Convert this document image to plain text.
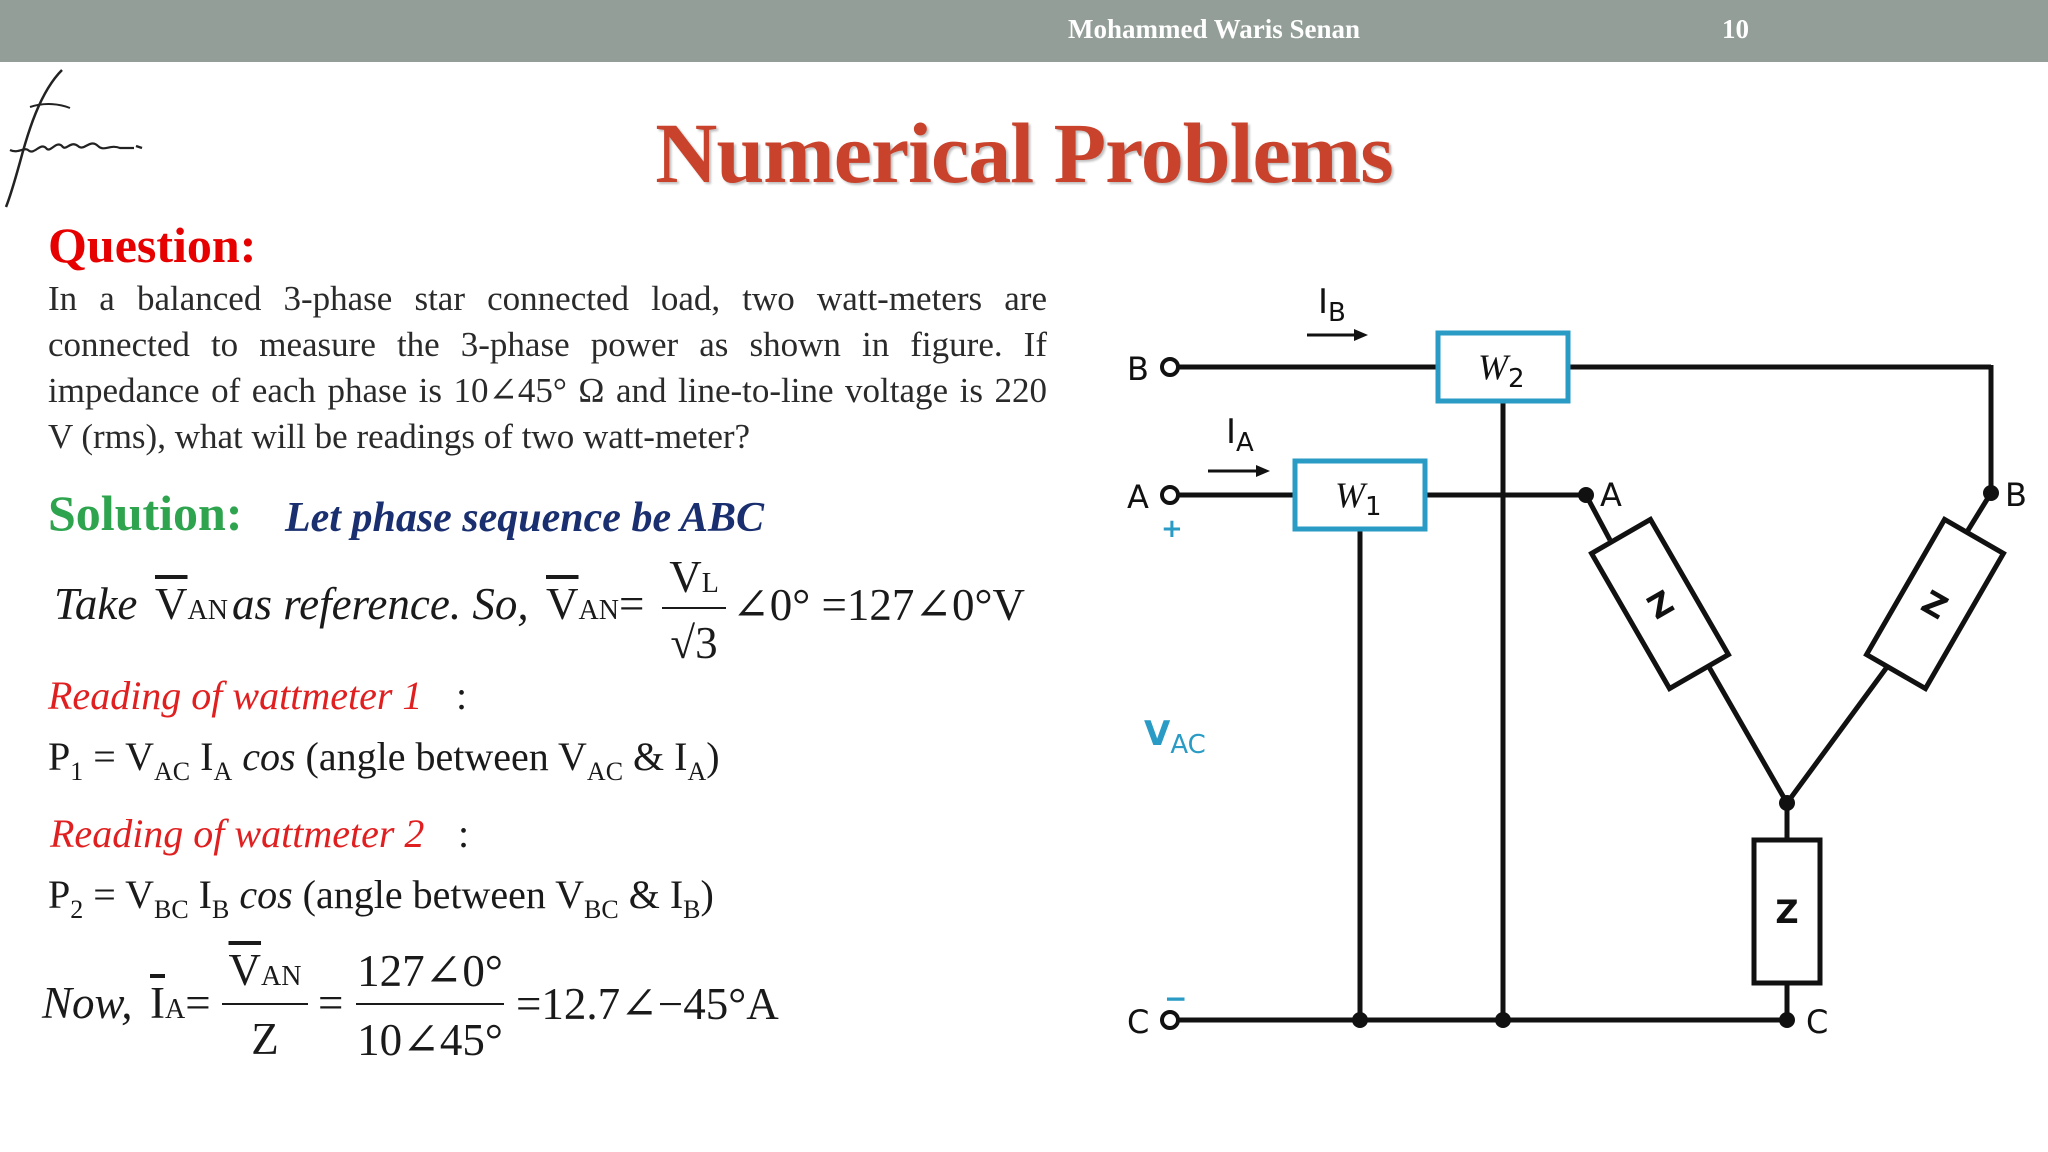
Mohammed Waris Senan	10
Numerical Problems
Question:
In a balanced 3-phase star connected load, two watt-meters are connected to measure the 3-phase power as shown in figure. If impedance of each phase is 10∠45° Ω and line-to-line voltage is 220 V (rms), what will be readings of two watt-meter?
Solution: Let phase sequence be ABC
Take $\overline{V}AN$ as reference. So, $\overline{V}AN=$
VL
√3
∠0° =127∠0°V
Reading of wattmeter 1 :
$P_1 = V_{AC}$ $I_A$ cos (angle between $V_{AC}$ & $I_A$)
Reading of wattmeter 2 :
$P_2 = V_{BC}$ $I_B$ cos (angle between $V_{BC}$ & $I_B$)
Now, $\overline{I}A=$
$\overline{V}AN$
Z
=
127∠0°
10∠45°
=12.7∠−45°A
Z	Z
Z
$W_2$
$W_1$
B
A
C
+
−
$I_B$
$I_A$
$V_{AC}$
A	B
C
